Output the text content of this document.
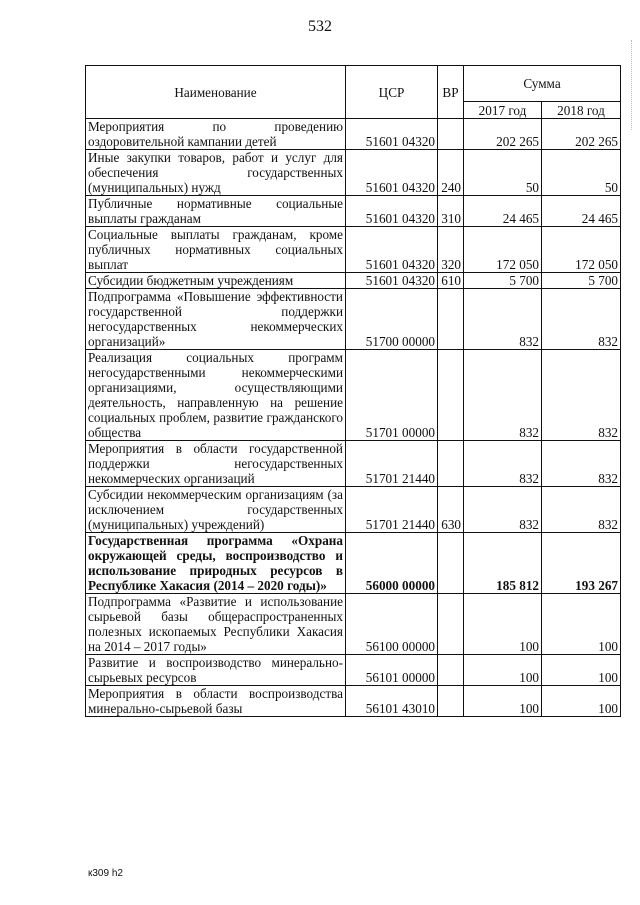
532
Наименование	ЦСР	ВР	Сумма	
			2017 год	2018 год
Мероприятия по проведению оздоровительной кампании детей	51601 04320		202 265	202 265
Иные закупки товаров, работ и услуг для обеспечения государственных (муниципальных) нужд	51601 04320	240	50	50
Публичные нормативные социальные выплаты гражданам	51601 04320	310	24 465	24 465
Социальные выплаты гражданам, кроме публичных нормативных социальных выплат	51601 04320	320	172 050	172 050
Субсидии бюджетным учреждениям	51601 04320	610	5 700	5 700
Подпрограмма «Повышение эффективности государственной поддержки негосударственных некоммерческих организаций»	51700 00000		832	832
Реализация социальных программ негосударственными некоммерческими организациями, осуществляющими деятельность, направленную на решение социальных проблем, развитие гражданского общества	51701 00000		832	832
Мероприятия в области государственной поддержки негосударственных некоммерческих организаций	51701 21440		832	832
Субсидии некоммерческим организациям (за исключением государственных (муниципальных) учреждений)	51701 21440	630	832	832
Государственная программа «Охрана окружающей среды, воспроизводство и использование природных ресурсов в Республике Хакасия (2014 – 2020 годы)»	56000 00000		185 812	193 267
Подпрограмма «Развитие и использование сырьевой базы общераспространенных полезных ископаемых Республики Хакасия на 2014 – 2017 годы»	56100 00000		100	100
Развитие и воспроизводство минерально-сырьевых ресурсов	56101 00000		100	100
Мероприятия в области воспроизводства минерально-сырьевой базы	56101 43010		100	100
к309 h2
